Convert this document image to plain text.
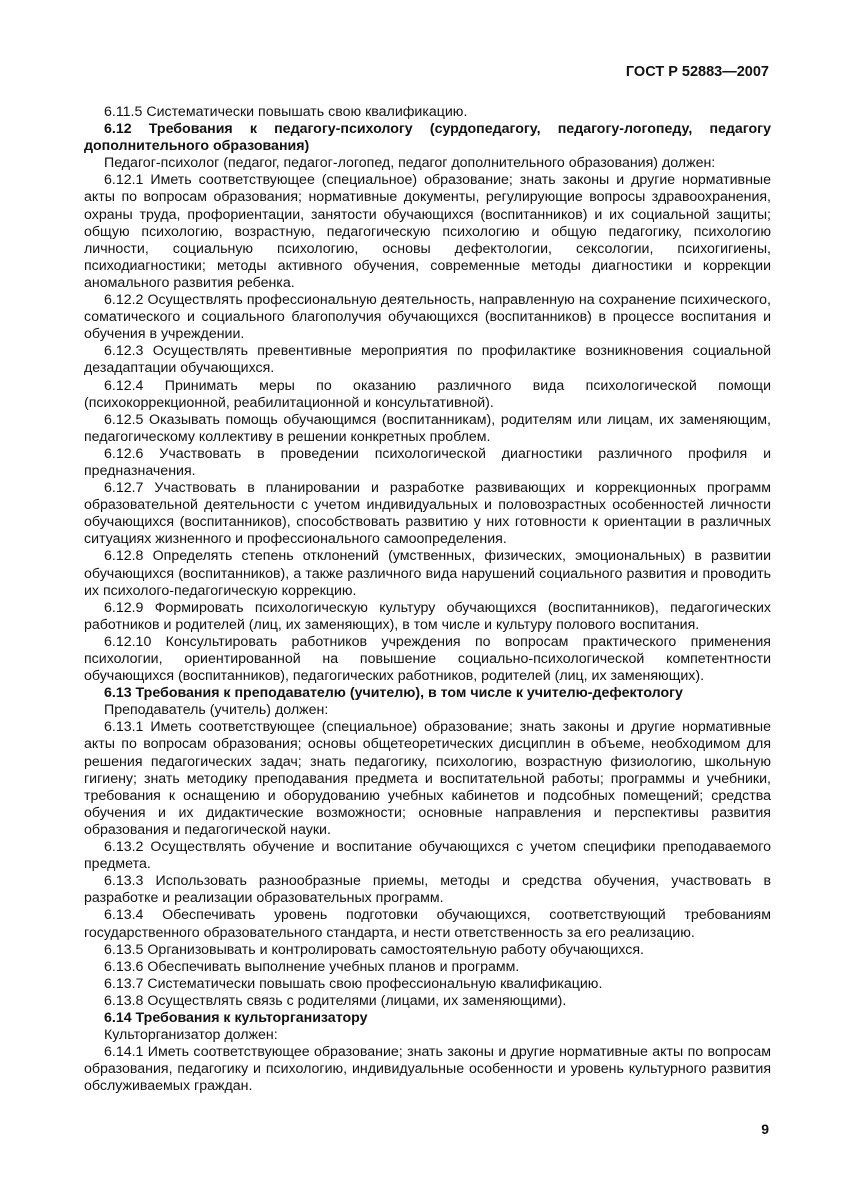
ГОСТ Р 52883—2007

6.11.5 Систематически повышать свою квалификацию.

6.12 Требования к педагогу-психологу (сурдопедагогу, педагогу-логопеду, педагогу дополнительного образования)

Педагог-психолог (педагог, педагог-логопед, педагог дополнительного образования) должен:

6.12.1 Иметь соответствующее (специальное) образование; знать законы и другие нормативные акты по вопросам образования; нормативные документы, регулирующие вопросы здравоохранения, охраны труда, профориентации, занятости обучающихся (воспитанников) и их социальной защиты; общую психологию, возрастную, педагогическую психологию и общую педагогику, психологию личности, социальную психологию, основы дефектологии, сексологии, психогигиены, психодиагностики; методы активного обучения, современные методы диагностики и коррекции аномального развития ребенка.

6.12.2 Осуществлять профессиональную деятельность, направленную на сохранение психического, соматического и социального благополучия обучающихся (воспитанников) в процессе воспитания и обучения в учреждении.

6.12.3 Осуществлять превентивные мероприятия по профилактике возникновения социальной дезадаптации обучающихся.

6.12.4 Принимать меры по оказанию различного вида психологической помощи (психокоррекционной, реабилитационной и консультативной).

6.12.5 Оказывать помощь обучающимся (воспитанникам), родителям или лицам, их заменяющим, педагогическому коллективу в решении конкретных проблем.

6.12.6 Участвовать в проведении психологической диагностики различного профиля и предназначения.

6.12.7 Участвовать в планировании и разработке развивающих и коррекционных программ образовательной деятельности с учетом индивидуальных и половозрастных особенностей личности обучающихся (воспитанников), способствовать развитию у них готовности к ориентации в различных ситуациях жизненного и профессионального самоопределения.

6.12.8 Определять степень отклонений (умственных, физических, эмоциональных) в развитии обучающихся (воспитанников), а также различного вида нарушений социального развития и проводить их психолого-педагогическую коррекцию.

6.12.9 Формировать психологическую культуру обучающихся (воспитанников), педагогических работников и родителей (лиц, их заменяющих), в том числе и культуру полового воспитания.

6.12.10 Консультировать работников учреждения по вопросам практического применения психологии, ориентированной на повышение социально-психологической компетентности обучающихся (воспитанников), педагогических работников, родителей (лиц, их заменяющих).

6.13 Требования к преподавателю (учителю), в том числе к учителю-дефектологу

Преподаватель (учитель) должен:

6.13.1 Иметь соответствующее (специальное) образование; знать законы и другие нормативные акты по вопросам образования; основы общетеоретических дисциплин в объеме, необходимом для решения педагогических задач; знать педагогику, психологию, возрастную физиологию, школьную гигиену; знать методику преподавания предмета и воспитательной работы; программы и учебники, требования к оснащению и оборудованию учебных кабинетов и подсобных помещений; средства обучения и их дидактические возможности; основные направления и перспективы развития образования и педагогической науки.

6.13.2 Осуществлять обучение и воспитание обучающихся с учетом специфики преподаваемого предмета.

6.13.3 Использовать разнообразные приемы, методы и средства обучения, участвовать в разработке и реализации образовательных программ.

6.13.4 Обеспечивать уровень подготовки обучающихся, соответствующий требованиям государственного образовательного стандарта, и нести ответственность за его реализацию.

6.13.5 Организовывать и контролировать самостоятельную работу обучающихся.

6.13.6 Обеспечивать выполнение учебных планов и программ.

6.13.7 Систематически повышать свою профессиональную квалификацию.

6.13.8 Осуществлять связь с родителями (лицами, их заменяющими).

6.14 Требования к культорганизатору

Культорганизатор должен:

6.14.1 Иметь соответствующее образование; знать законы и другие нормативные акты по вопросам образования, педагогику и психологию, индивидуальные особенности и уровень культурного развития обслуживаемых граждан.

9
